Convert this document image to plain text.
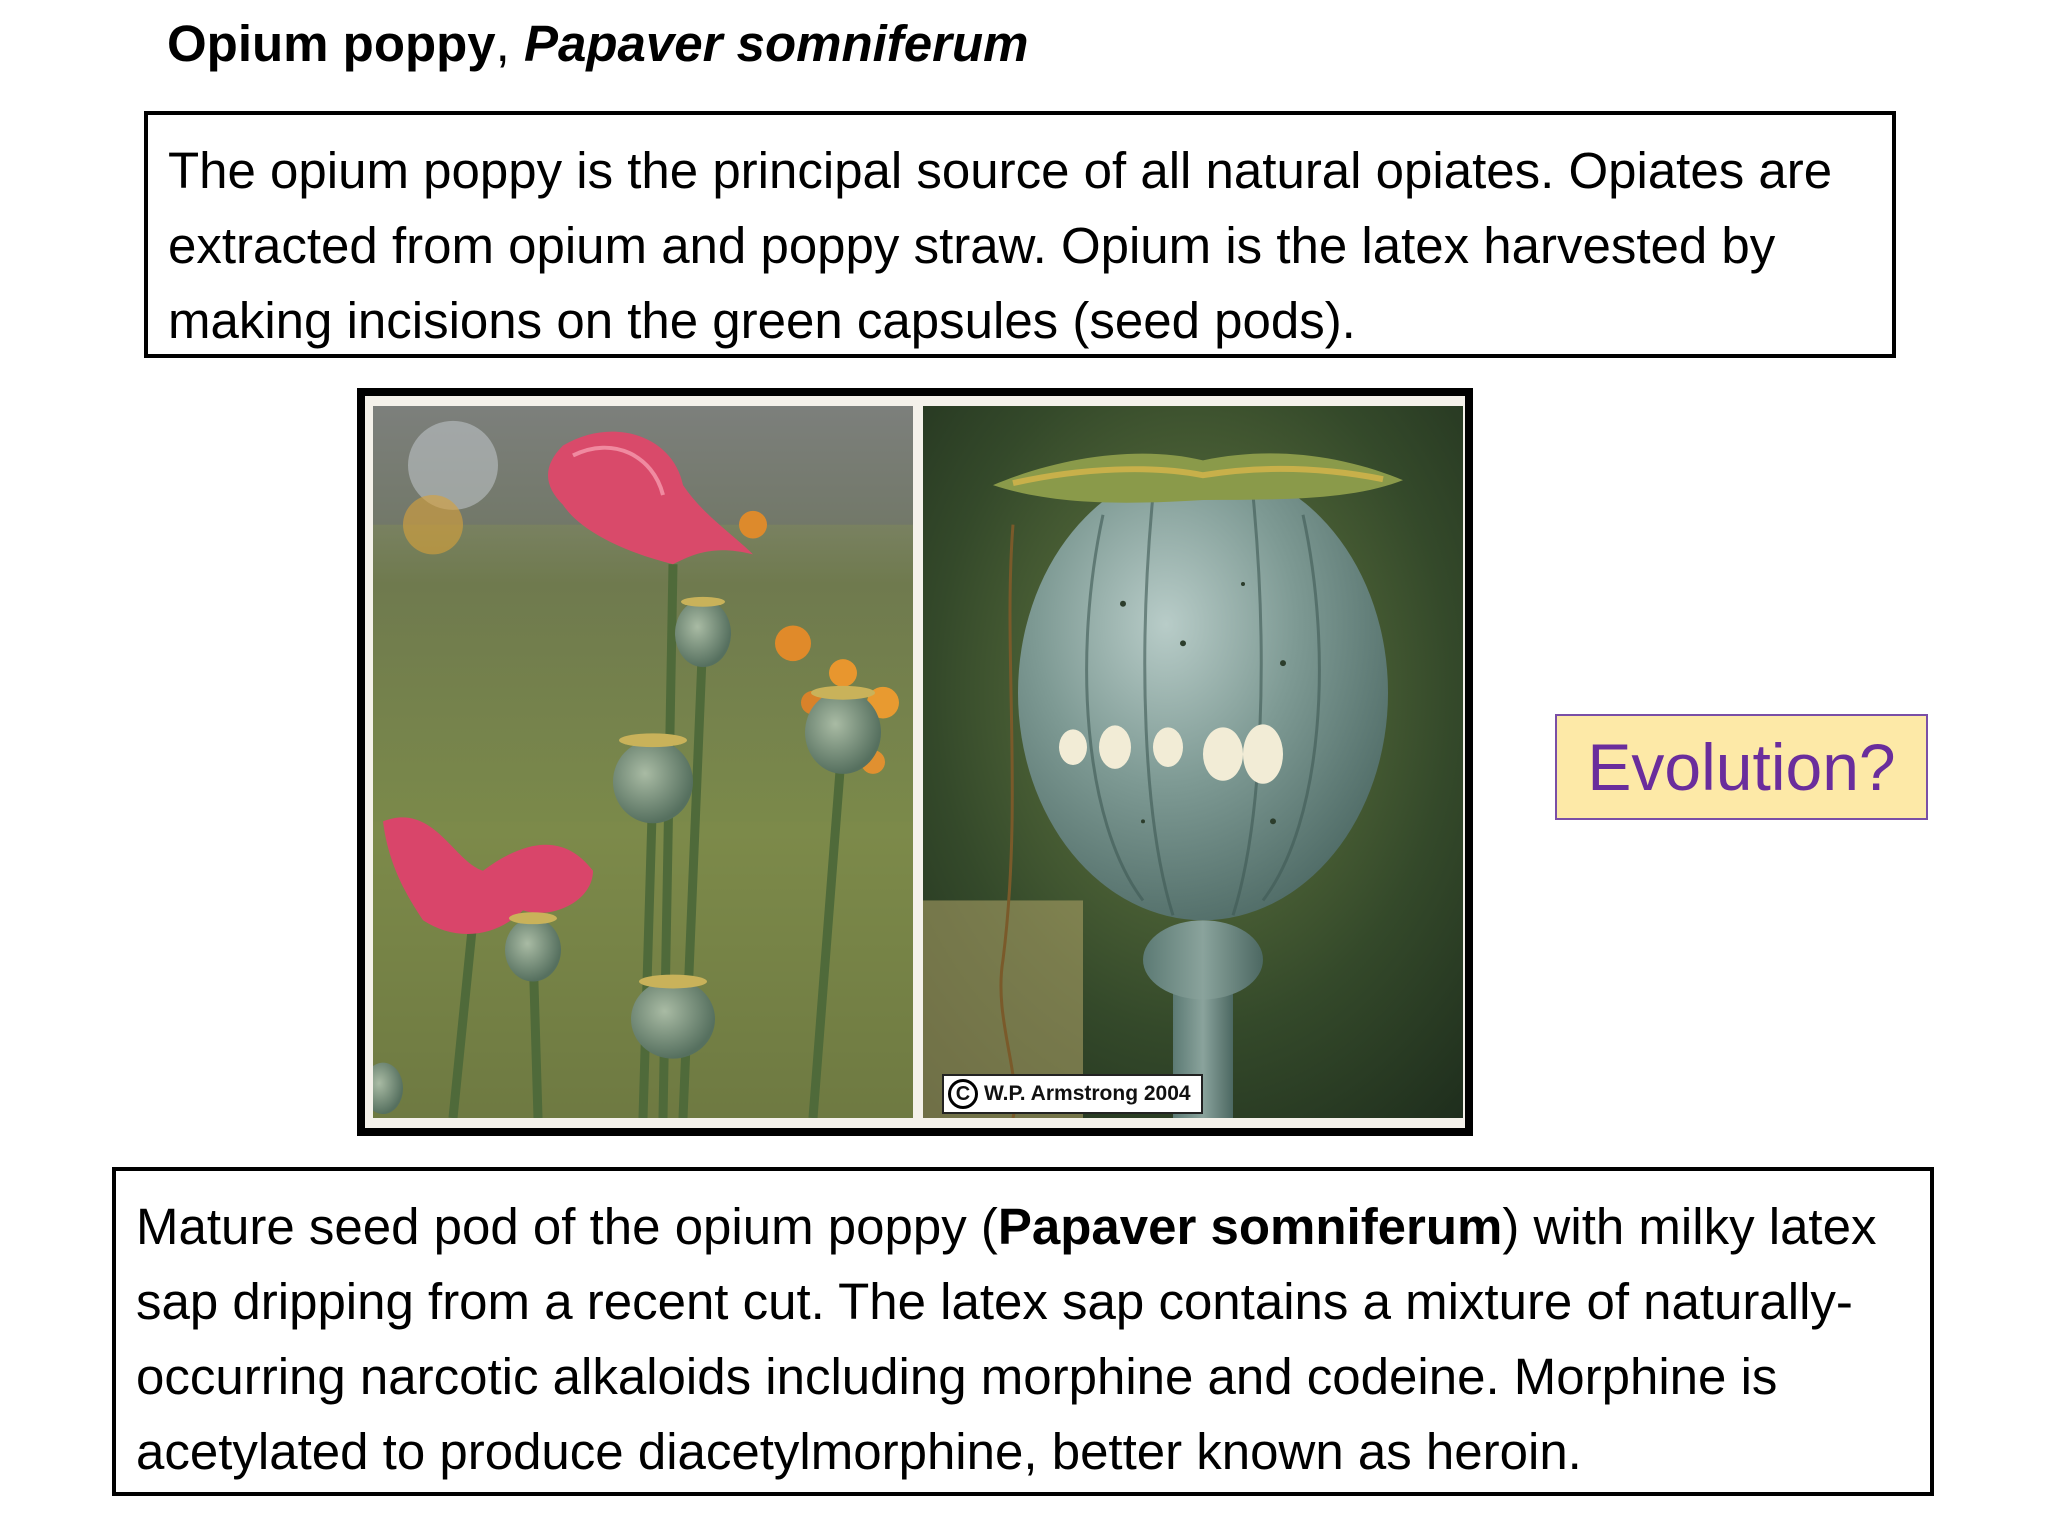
Opium poppy, Papaver somniferum
The opium poppy is the principal source of all natural opiates. Opiates are extracted from opium and poppy straw. Opium is the latex harvested by making incisions on the green capsules (seed pods).
C W.P. Armstrong 2004
Evolution?
Mature seed pod of the opium poppy (Papaver somniferum) with milky latex sap dripping from a recent cut. The latex sap contains a mixture of naturally-occurring narcotic alkaloids including morphine and codeine. Morphine is acetylated to produce diacetylmorphine, better known as heroin.
